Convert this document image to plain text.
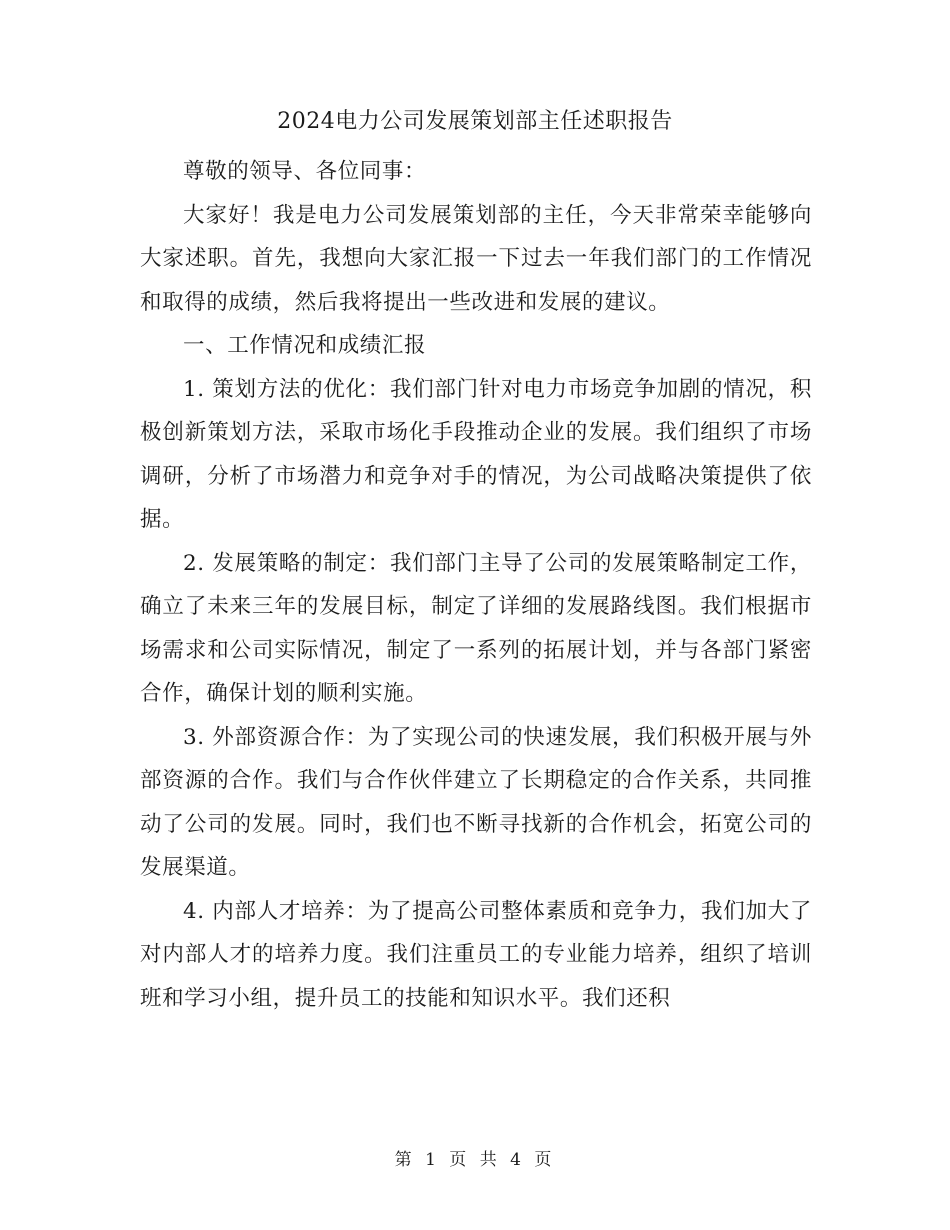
2024电力公司发展策划部主任述职报告

尊敬的领导、各位同事：

大家好！我是电力公司发展策划部的主任，今天非常荣幸能够向大家述职。首先，我想向大家汇报一下过去一年我们部门的工作情况和取得的成绩，然后我将提出一些改进和发展的建议。

一、工作情况和成绩汇报

1. 策划方法的优化：我们部门针对电力市场竞争加剧的情况，积极创新策划方法，采取市场化手段推动企业的发展。我们组织了市场调研，分析了市场潜力和竞争对手的情况，为公司战略决策提供了依据。

2. 发展策略的制定：我们部门主导了公司的发展策略制定工作，确立了未来三年的发展目标，制定了详细的发展路线图。我们根据市场需求和公司实际情况，制定了一系列的拓展计划，并与各部门紧密合作，确保计划的顺利实施。

3. 外部资源合作：为了实现公司的快速发展，我们积极开展与外部资源的合作。我们与合作伙伴建立了长期稳定的合作关系，共同推动了公司的发展。同时，我们也不断寻找新的合作机会，拓宽公司的发展渠道。

4. 内部人才培养：为了提高公司整体素质和竞争力，我们加大了对内部人才的培养力度。我们注重员工的专业能力培养，组织了培训班和学习小组，提升员工的技能和知识水平。我们还积

第 1 页 共 4 页
